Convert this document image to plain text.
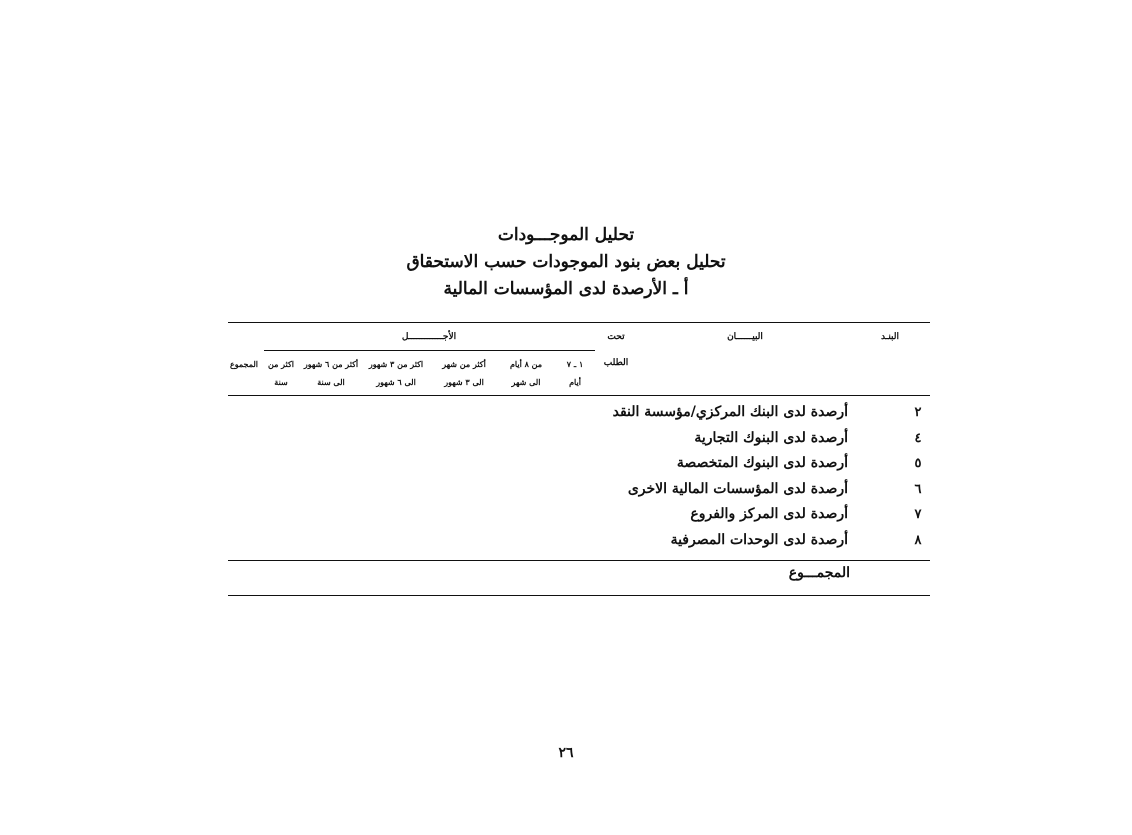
تحليل الموجـــودات
تحليل بعض بنود الموجودات حسب الاستحقاق
أ ـ الأرصدة لدى المؤسسات المالية
البنـد
البيــــــان
تحت
الطلب
الأجـــــــــــــل
١ ـ ٧
أيام
من ٨ أيام
الى شهر
أكثر من شهر
الى ٣ شهور
اكثر من ٣ شهور
الى ٦ شهور
أكثر من ٦ شهور
الى سنة
اكثر من
سنة
المجموع
٢
أرصدة لدى البنك المركزي/مؤسسة النقد
٤
أرصدة لدى البنوك التجارية
٥
أرصدة لدى البنوك المتخصصة
٦
أرصدة لدى المؤسسات المالية الاخرى
٧
أرصدة لدى المركز والفروع
٨
أرصدة لدى الوحدات المصرفية
المجمـــوع
٢٦
